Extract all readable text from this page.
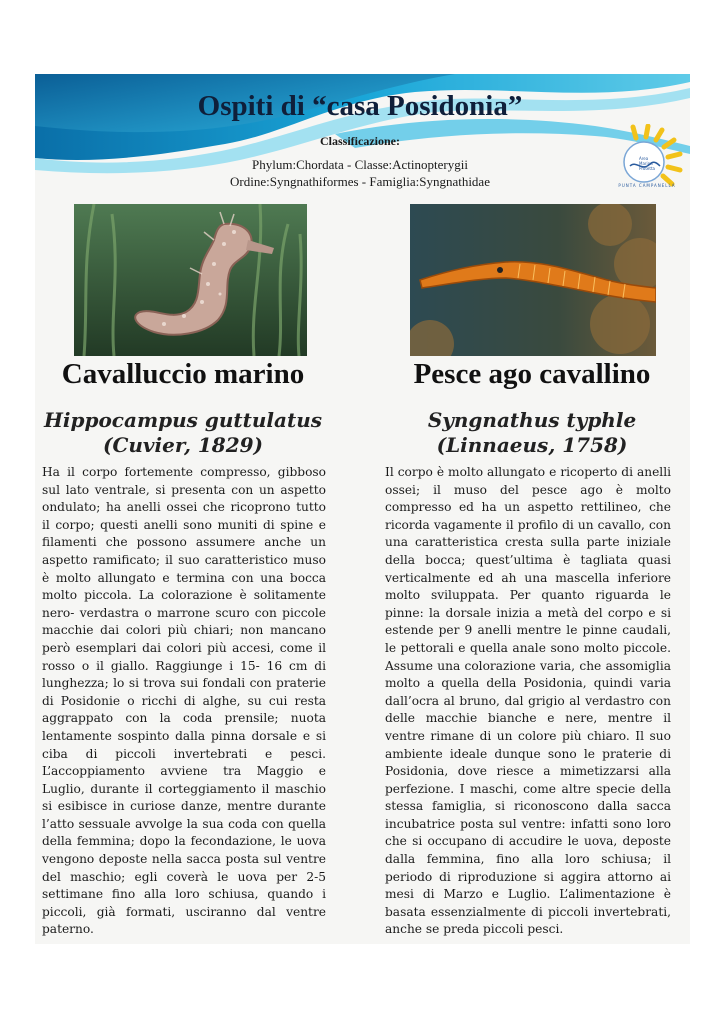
Area
Marina
Protetta
PUNTA CAMPANELLA
Ospiti di “casa Posidonia”

Classificazione:

Phylum:Chordata - Classe:Actinopterygii

Ordine:Syngnathiformes - Famiglia:Syngnathidae

Cavalluccio marino	Pesce ago cavallino

Hippocampus guttulatus

(Cuvier, 1829)

Syngnathus typhle

(Linnaeus, 1758)

Ha il corpo fortemente compresso, gibboso sul lato ventrale, si presenta con un aspetto ondulato; ha anelli ossei che ricoprono tutto il corpo; questi anelli sono muniti di spine e filamenti che possono assumere anche un aspetto ramificato; il suo caratteristico muso è molto allungato e termina con una bocca molto piccola. La colorazione è solitamente nero- verdastra o marrone scuro con piccole macchie dai colori più chiari; non mancano però esemplari dai colori più accesi, come il rosso o il giallo. Raggiunge i 15- 16 cm di lunghezza; lo si trova sui fondali con praterie di Posidonie o ricchi di alghe, su cui resta aggrappato con la coda prensile; nuota lentamente sospinto dalla pinna dorsale e si ciba di piccoli invertebrati e pesci. L’accoppiamento avviene tra Maggio e Luglio, durante il corteggiamento il maschio si esibisce in curiose danze, mentre durante l’atto sessuale avvolge la sua coda con quella della femmina; dopo la fecondazione, le uova vengono deposte nella sacca posta sul ventre del maschio; egli coverà le uova per 2-5 settimane fino alla loro schiusa, quando i piccoli, già formati, usciranno dal ventre paterno.

Il corpo è molto allungato e ricoperto di anelli ossei; il muso del pesce ago è molto compresso ed ha un aspetto rettilineo, che ricorda vagamente il profilo di un cavallo, con una caratteristica cresta sulla parte iniziale della bocca; quest’ultima è tagliata quasi verticalmente ed ah una mascella inferiore molto sviluppata. Per quanto riguarda le pinne: la dorsale inizia a metà del corpo e si estende per 9 anelli mentre le pinne caudali, le pettorali e quella anale sono molto piccole. Assume una colorazione varia, che assomiglia molto a quella della Posidonia, quindi varia dall’ocra al bruno, dal grigio al verdastro con delle macchie bianche e nere, mentre il ventre rimane di un colore più chiaro. Il suo ambiente ideale dunque sono le praterie di Posidonia, dove riesce a mimetizzarsi alla perfezione. I maschi, come altre specie della stessa famiglia, si riconoscono dalla sacca incubatrice posta sul ventre: infatti sono loro che si occupano di accudire le uova, deposte dalla femmina, fino alla loro schiusa; il periodo di riproduzione si aggira attorno ai mesi di Marzo e Luglio. L’alimentazione è basata essenzialmente di piccoli invertebrati, anche se preda piccoli pesci.
